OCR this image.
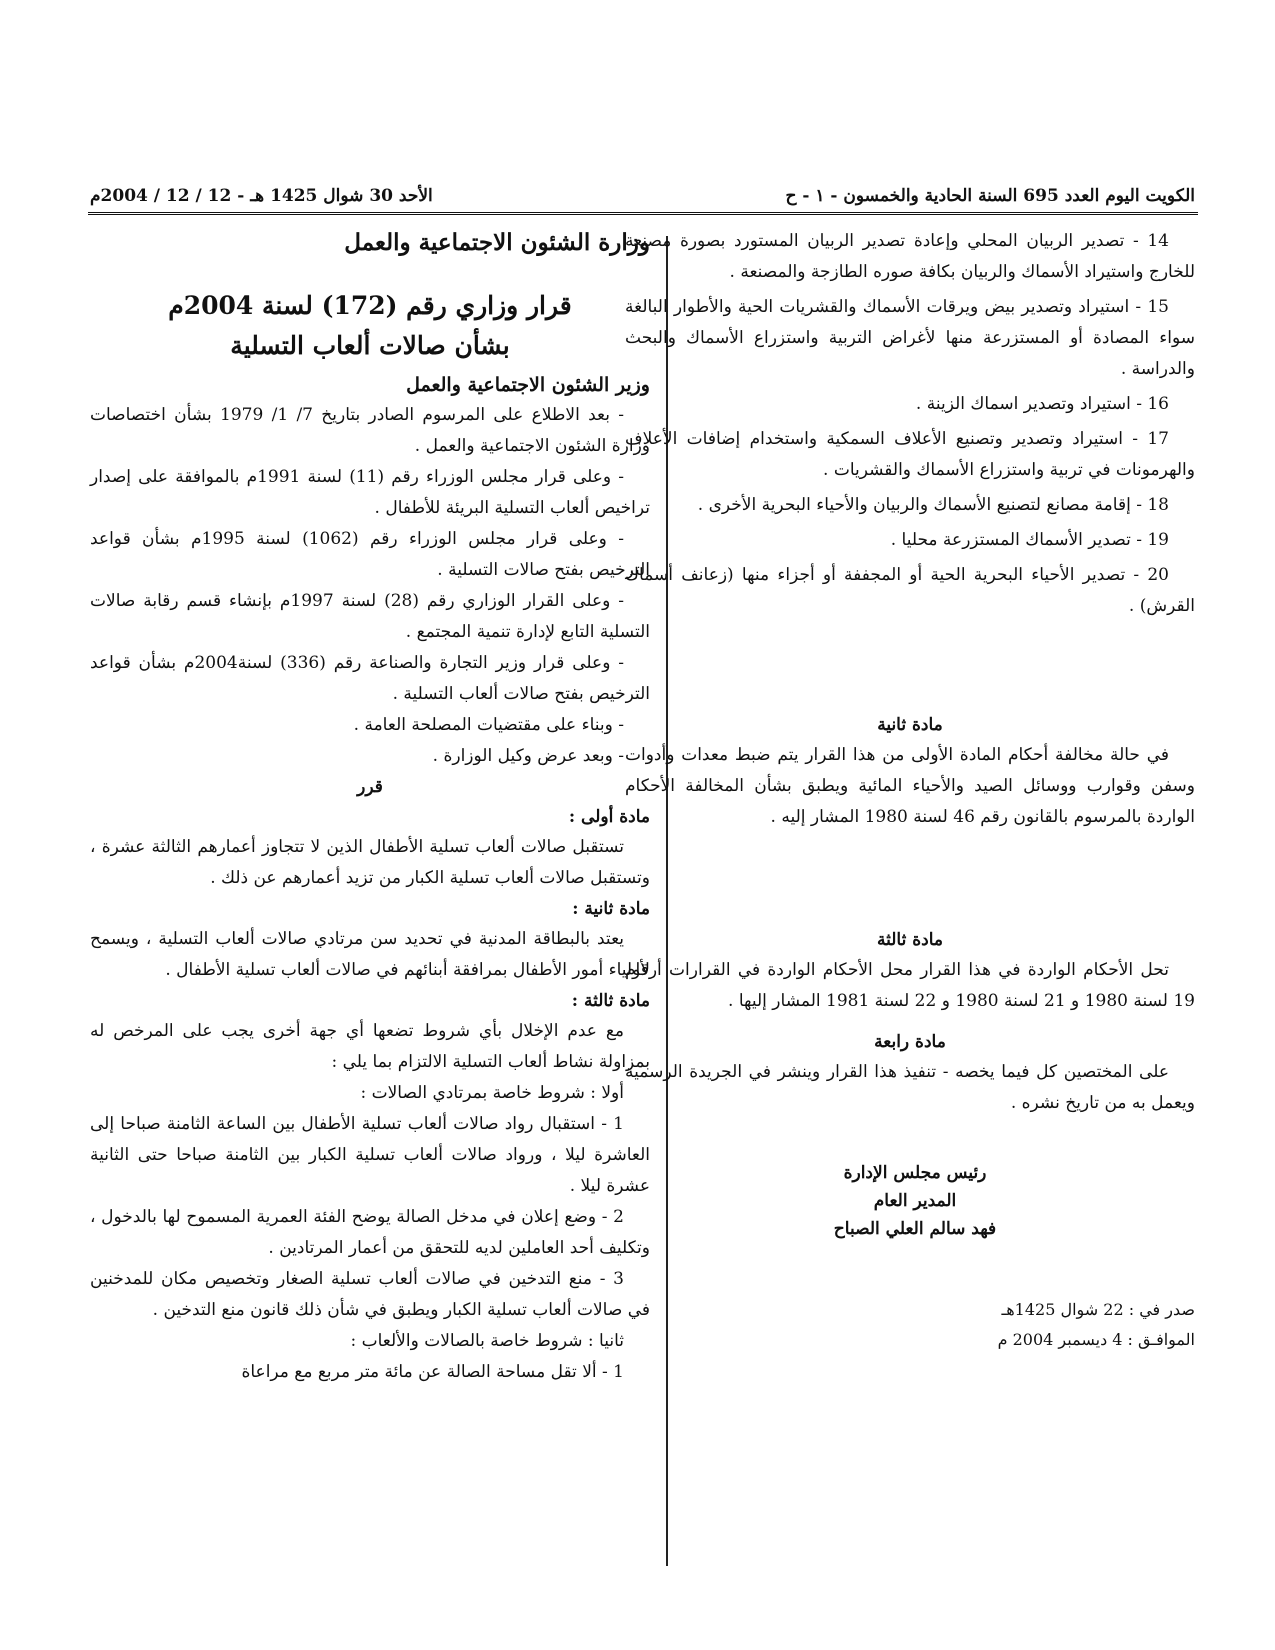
الكويت اليوم العدد 695 السنة الحادية والخمسون - ١ - ح
الأحد 30 شوال 1425 هـ - 12 / 12 / 2004م

14 - تصدير الربيان المحلي وإعادة تصدير الربيان المستورد بصورة مصنعة للخارج واستيراد الأسماك والربيان بكافة صوره الطازجة والمصنعة .

15 - استيراد وتصدير بيض ويرقات الأسماك والقشريات الحية والأطوار البالغة سواء المصادة أو المستزرعة منها لأغراض التربية واستزراع الأسماك والبحث والدراسة .

16 - استيراد وتصدير اسماك الزينة .

17 - استيراد وتصدير وتصنيع الأعلاف السمكية واستخدام إضافات الأعلاف والهرمونات في تربية واستزراع الأسماك والقشريات .

18 - إقامة مصانع لتصنيع الأسماك والربيان والأحياء البحرية الأخرى .

19 - تصدير الأسماك المستزرعة محليا .

20 - تصدير الأحياء البحرية الحية أو المجففة أو أجزاء منها (زعانف أسماك القرش) .

مادة ثانية

في حالة مخالفة أحكام المادة الأولى من هذا القرار يتم ضبط معدات وأدوات وسفن وقوارب ووسائل الصيد والأحياء المائية ويطبق بشأن المخالفة الأحكام الواردة بالمرسوم بالقانون رقم 46 لسنة 1980 المشار إليه .

مادة ثالثة

تحل الأحكام الواردة في هذا القرار محل الأحكام الواردة في القرارات أرقام 19 لسنة 1980 و 21 لسنة 1980 و 22 لسنة 1981 المشار إليها .

مادة رابعة

على المختصين كل فيما يخصه - تنفيذ هذا القرار وينشر في الجريدة الرسمية ويعمل به من تاريخ نشره .

رئيس مجلس الإدارة
المدير العام
فهد سالم العلي الصباح

صدر في : 22 شوال 1425هـ

الموافـق : 4 ديسمبر 2004 م

وزارة الشئون الاجتماعية والعمل

قرار وزاري رقم (172) لسنة 2004م

بشأن صالات ألعاب التسلية

وزير الشئون الاجتماعية والعمل

- بعد الاطلاع على المرسوم الصادر بتاريخ 7/ 1/ 1979 بشأن اختصاصات وزارة الشئون الاجتماعية والعمل .

- وعلى قرار مجلس الوزراء رقم (11) لسنة 1991م بالموافقة على إصدار تراخيص ألعاب التسلية البريئة للأطفال .

- وعلى قرار مجلس الوزراء رقم (1062) لسنة 1995م بشأن قواعد الترخيص بفتح صالات التسلية .

- وعلى القرار الوزاري رقم (28) لسنة 1997م بإنشاء قسم رقابة صالات التسلية التابع لإدارة تنمية المجتمع .

- وعلى قرار وزير التجارة والصناعة رقم (336) لسنة2004م بشأن قواعد الترخيص بفتح صالات ألعاب التسلية .

- وبناء على مقتضيات المصلحة العامة .

- وبعد عرض وكيل الوزارة .

قرر

مادة أولى :

تستقبل صالات ألعاب تسلية الأطفال الذين لا تتجاوز أعمارهم الثالثة عشرة ، وتستقبل صالات ألعاب تسلية الكبار من تزيد أعمارهم عن ذلك .

مادة ثانية :

يعتد بالبطاقة المدنية في تحديد سن مرتادي صالات ألعاب التسلية ، ويسمح لأولياء أمور الأطفال بمرافقة أبنائهم في صالات ألعاب تسلية الأطفال .

مادة ثالثة :

مع عدم الإخلال بأي شروط تضعها أي جهة أخرى يجب على المرخص له بمزاولة نشاط ألعاب التسلية الالتزام بما يلي :

أولا : شروط خاصة بمرتادي الصالات :

1 - استقبال رواد صالات ألعاب تسلية الأطفال بين الساعة الثامنة صباحا إلى العاشرة ليلا ، ورواد صالات ألعاب تسلية الكبار بين الثامنة صباحا حتى الثانية عشرة ليلا .

2 - وضع إعلان في مدخل الصالة يوضح الفئة العمرية المسموح لها بالدخول ، وتكليف أحد العاملين لديه للتحقق من أعمار المرتادين .

3 - منع التدخين في صالات ألعاب تسلية الصغار وتخصيص مكان للمدخنين في صالات ألعاب تسلية الكبار ويطبق في شأن ذلك قانون منع التدخين .

ثانيا : شروط خاصة بالصالات والألعاب :

1 - ألا تقل مساحة الصالة عن مائة متر مربع مع مراعاة
